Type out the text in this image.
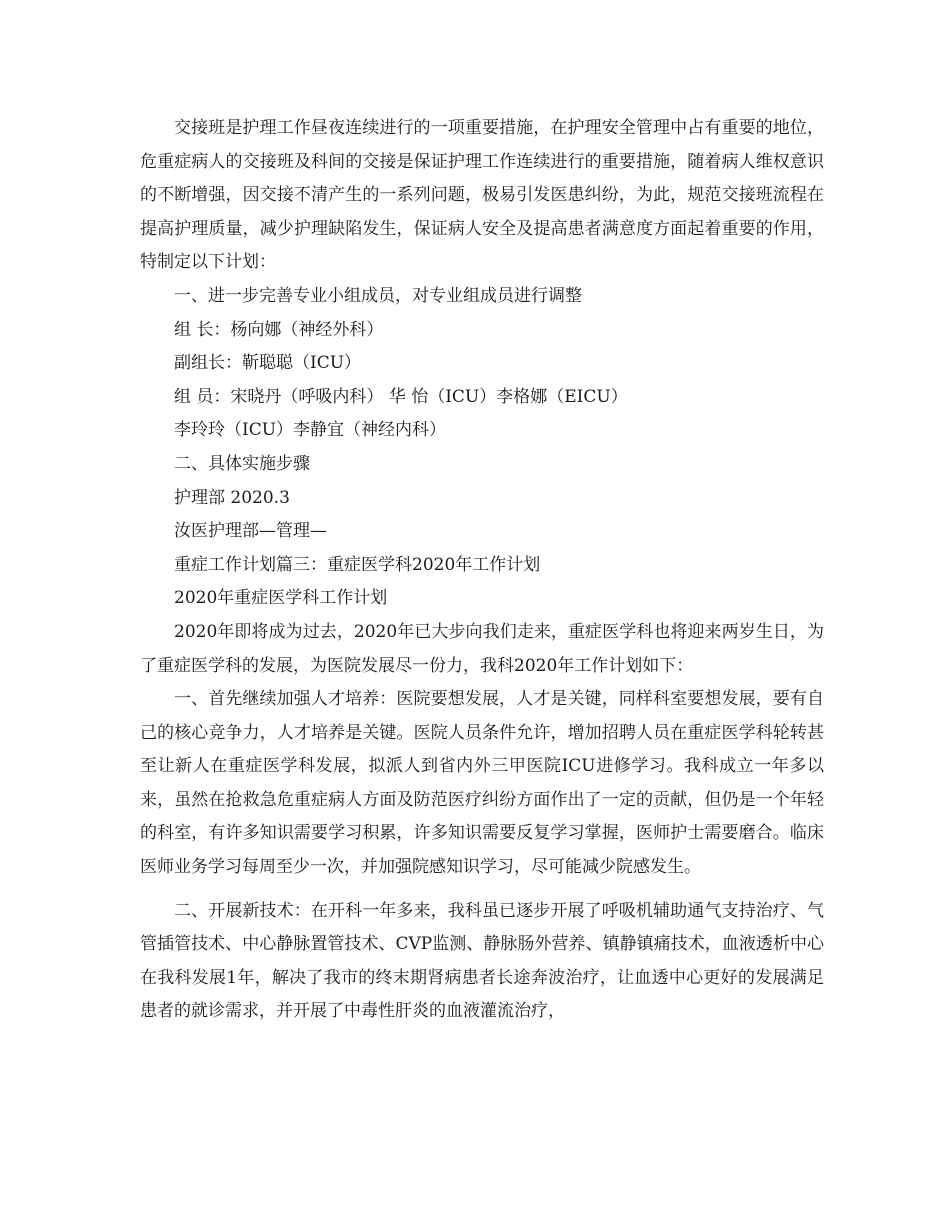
交接班是护理工作昼夜连续进行的一项重要措施，在护理安全管理中占有重要的地位，危重症病人的交接班及科间的交接是保证护理工作连续进行的重要措施，随着病人维权意识的不断增强，因交接不清产生的一系列问题，极易引发医患纠纷，为此，规范交接班流程在提高护理质量，减少护理缺陷发生，保证病人安全及提高患者满意度方面起着重要的作用，特制定以下计划：

一、进一步完善专业小组成员，对专业组成员进行调整

组 长：杨向娜（神经外科）

副组长：靳聪聪（ICU）

组 员：宋晓丹（呼吸内科） 华 怡（ICU）李格娜（EICU）

李玲玲（ICU）李静宜（神经内科）

二、具体实施步骤

护理部 2020.3

汝医护理部—管理—

重症工作计划篇三：重症医学科2020年工作计划

2020年重症医学科工作计划

2020年即将成为过去，2020年已大步向我们走来，重症医学科也将迎来两岁生日，为了重症医学科的发展，为医院发展尽一份力，我科2020年工作计划如下：

一、首先继续加强人才培养：医院要想发展，人才是关键，同样科室要想发展，要有自己的核心竞争力，人才培养是关键。医院人员条件允许，增加招聘人员在重症医学科轮转甚至让新人在重症医学科发展，拟派人到省内外三甲医院ICU进修学习。我科成立一年多以来，虽然在抢救急危重症病人方面及防范医疗纠纷方面作出了一定的贡献，但仍是一个年轻的科室，有许多知识需要学习积累，许多知识需要反复学习掌握，医师护士需要磨合。临床医师业务学习每周至少一次，并加强院感知识学习，尽可能减少院感发生。

二、开展新技术：在开科一年多来，我科虽已逐步开展了呼吸机辅助通气支持治疗、气管插管技术、中心静脉置管技术、CVP监测、静脉肠外营养、镇静镇痛技术，血液透析中心在我科发展1年，解决了我市的终末期肾病患者长途奔波治疗，让血透中心更好的发展满足患者的就诊需求，并开展了中毒性肝炎的血液灌流治疗，
